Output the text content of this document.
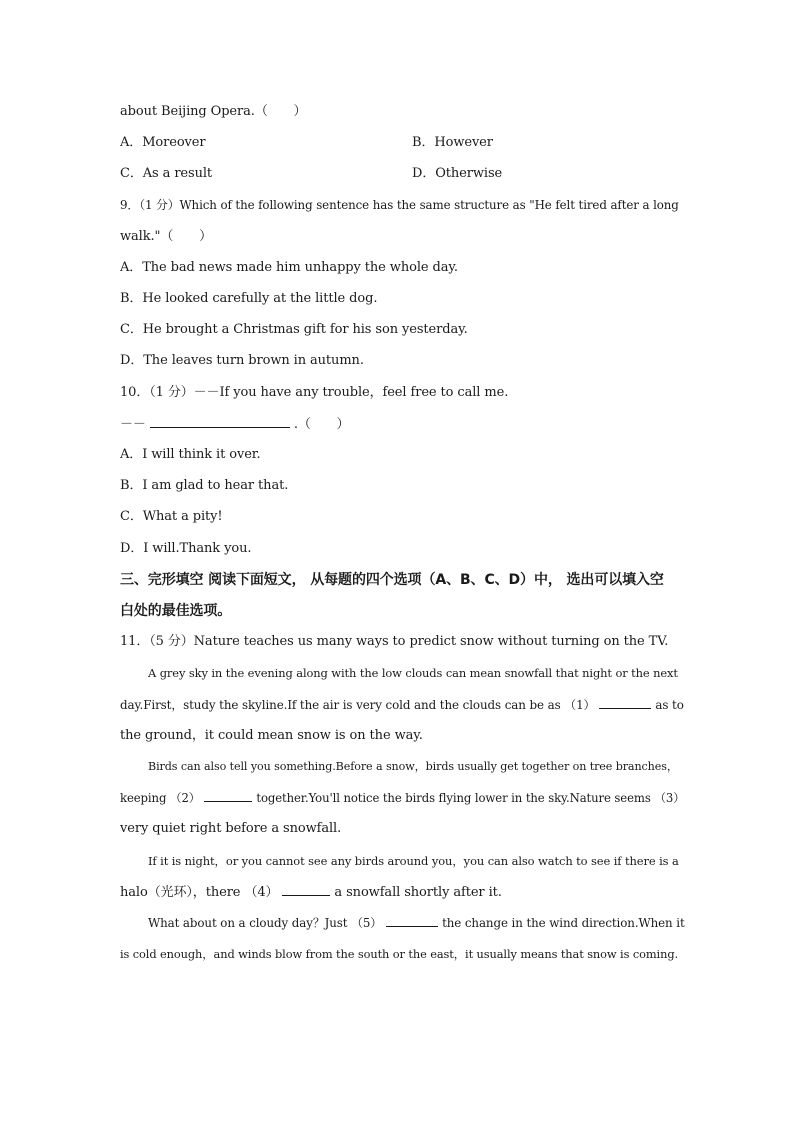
about Beijing Opera.（　　）
A．Moreover	B．However
C．As a result	D．Otherwise
9．（1 分）Which of the following sentence has the same structure as "He felt tired after a long
walk."（　　）
A．The bad news made him unhappy the whole day.
B．He looked carefully at the little dog.
C．He brought a Christmas gift for his son yesterday.
D．The leaves turn brown in autumn.
10．（1 分）－－If you have any trouble，feel free to call me.
－－	.（　　）
A．I will think it over.
B．I am glad to hear that.
C．What a pity!
D．I will.Thank you.
三、完形填空 阅读下面短文， 从每题的四个选项（A、B、C、D）中， 选出可以填入空
白处的最佳选项。
11．（5 分）Nature teaches us many ways to predict snow without turning on the TV.
A grey sky in the evening along with the low clouds can mean snowfall that night or the next
day.First，study the skyline.If the air is very cold and the clouds can be as （1）	as to
the ground，it could mean snow is on the way.
Birds can also tell you something.Before a snow，birds usually get together on tree branches，
keeping （2）	together.You'll notice the birds flying lower in the sky.Nature seems （3）
very quiet right before a snowfall.
If it is night，or you cannot see any birds around you，you can also watch to see if there is a
halo（光环），there （4）	a snowfall shortly after it.
What about on a cloudy day？Just （5）	the change in the wind direction.When it
is cold enough，and winds blow from the south or the east，it usually means that snow is coming.
